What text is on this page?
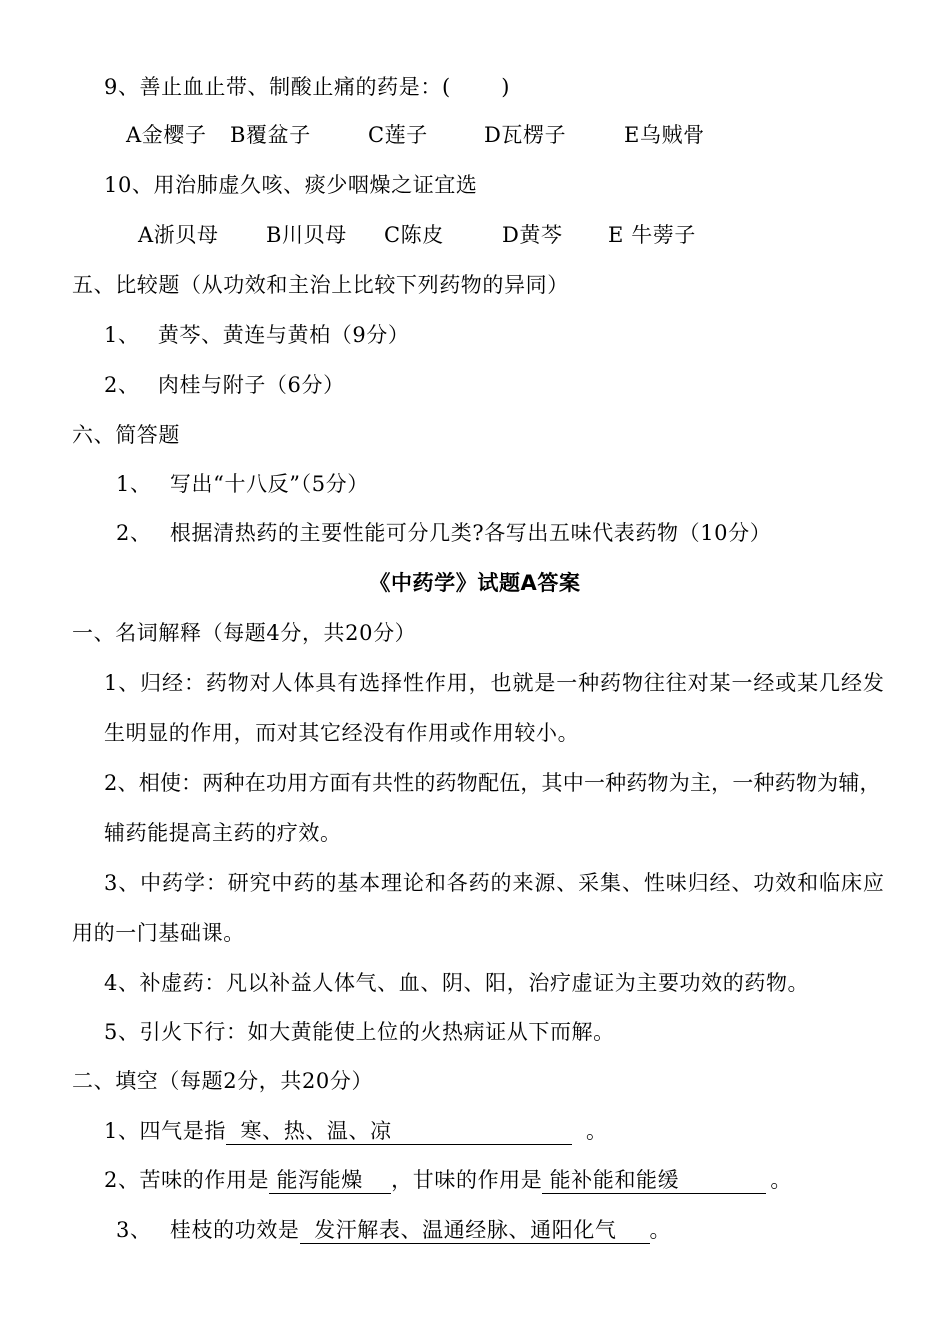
9、善止血止带、制酸止痛的药是：(　　 )
A金樱子 B覆盆子	C莲子	D瓦楞子	E乌贼骨
10、用治肺虚久咳、痰少咽燥之证宜选
A浙贝母 B川贝母 C陈皮	D黄芩 E 牛蒡子
五、比较题（从功效和主治上比较下列药物的异同）
1、　 黄芩、黄连与黄柏（9分）
2、　 肉桂与附子（6分）
六、简答题
1、　 写出“十八反”（5分）
2、　 根据清热药的主要性能可分几类?各写出五味代表药物（10分）
《中药学》试题A答案
一、名词解释（每题4分，共20分）
1、归经：药物对人体具有选择性作用，也就是一种药物往往对某一经或某几经发
生明显的作用，而对其它经没有作用或作用较小。
2、相使：两种在功用方面有共性的药物配伍，其中一种药物为主，一种药物为辅，
辅药能提高主药的疗效。
3、中药学：研究中药的基本理论和各药的来源、采集、性味归经、功效和临床应
用的一门基础课。
4、补虚药：凡以补益人体气、血、阴、阳，治疗虚证为主要功效的药物。
5、引火下行：如大黄能使上位的火热病证从下而解。
二、填空（每题2分，共20分）
1、四气是指 寒、热、温、凉	。
2、苦味的作用是 能泻能燥 ，甘味的作用是 能补能和能缓	。
3、　 桂枝的功效是 发汗解表、温通经脉、通阳化气 。
